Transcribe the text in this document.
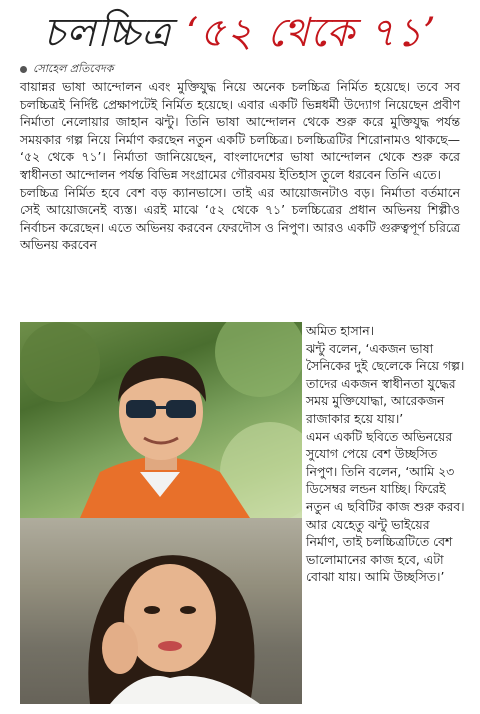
চলচ্চিত্র ‘৫২ থেকে ৭১’
সোহেল প্রতিবেদক

বায়ান্নর ভাষা আন্দোলন এবং মুক্তিযুদ্ধ নিয়ে অনেক চলচ্চিত্র নির্মিত হয়েছে। তবে সব চলচ্চিত্রই নির্দিষ্ট প্রেক্ষাপটেই নির্মিত হয়েছে। এবার একটি ভিন্নধর্মী উদ্যোগ নিয়েছেন প্রবীণ নির্মাতা নেলোয়ার জাহান ঝন্টু। তিনি ভাষা আন্দোলন থেকে শুরু করে মুক্তিযুদ্ধ পর্যন্ত সময়কার গল্প নিয়ে নির্মাণ করছেন নতুন একটি চলচ্চিত্র। চলচ্চিত্রটির শিরোনামও থাকছে— ‘৫২ থেকে ৭১’। নির্মাতা জানিয়েছেন, বাংলাদেশের ভাষা আন্দোলন থেকে শুরু করে স্বাধীনতা আন্দোলন পর্যন্ত বিভিন্ন সংগ্রামের গৌরবময় ইতিহাস তুলে ধরবেন তিনি এতে।

চলচ্চিত্র নির্মিত হবে বেশ বড় ক্যানভাসে। তাই এর আয়োজনটাও বড়। নির্মাতা বর্তমানে সেই আয়োজনেই ব্যস্ত। এরই মাঝে ‘৫২ থেকে ৭১’ চলচ্চিত্রের প্রধান অভিনয় শিল্পীও নির্বাচন করেছেন। এতে অভিনয় করবেন ফেরদৌস ও নিপুণ। আরও একটি গুরুত্বপূর্ণ চরিত্রে অভিনয় করবেন

অমিত হাসান।

ঝন্টু বলেন, ‘একজন ভাষা সৈনিকের দুই ছেলেকে নিয়ে গল্প। তাদের একজন স্বাধীনতা যুদ্ধের সময় মুক্তিযোদ্ধা, আরেকজন রাজাকার হয়ে যায়।’

এমন একটি ছবিতে অভিনয়ের সুযোগ পেয়ে বেশ উচ্ছসিত নিপুণ। তিনি বলেন, ‘আমি ২৩ ডিসেম্বর লন্ডন যাচ্ছি। ফিরেই নতুন এ ছবিটির কাজ শুরু করব। আর যেহেতু ঝন্টু ভাইয়ের নির্মাণ, তাই চলচ্চিত্রটিতে বেশ ভালোমানের কাজ হবে, এটা বোঝা যায়। আমি উচ্ছসিত।’
